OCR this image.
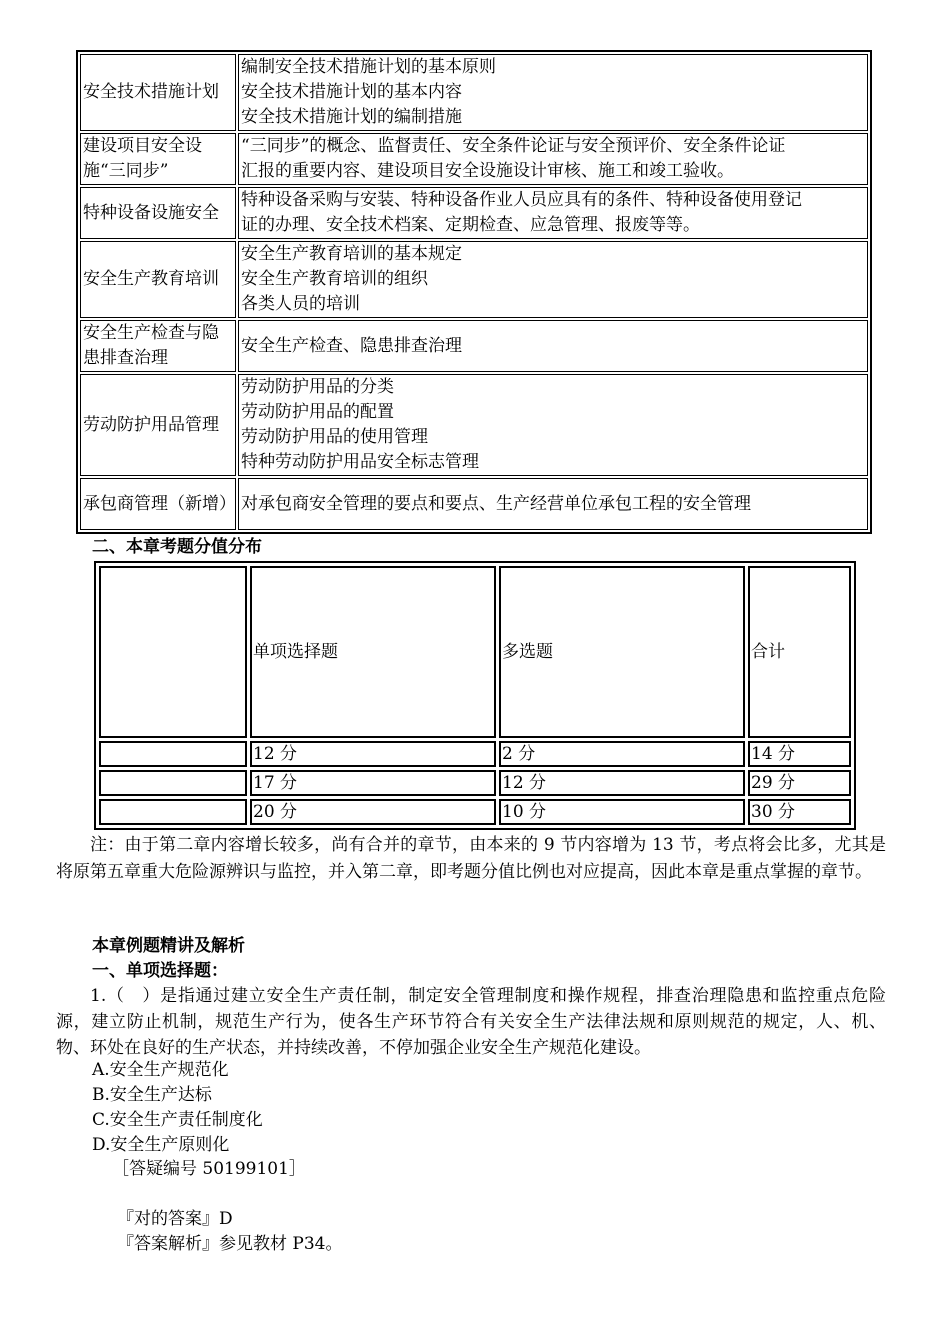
安全技术措施计划	编制安全技术措施计划的基本原则
安全技术措施计划的基本内容
安全技术措施计划的编制措施

建设项目安全设施“三同步”	“三同步”的概念、监督责任、安全条件论证与安全预评价、安全条件论证
汇报的重要内容、建设项目安全设施设计审核、施工和竣工验收。

特种设备设施安全	特种设备采购与安装、特种设备作业人员应具有的条件、特种设备使用登记
证的办理、安全技术档案、定期检查、应急管理、报废等等。

安全生产教育培训	安全生产教育培训的基本规定
安全生产教育培训的组织
各类人员的培训

安全生产检查与隐患排查治理	安全生产检查、隐患排查治理

劳动防护用品管理	劳动防护用品的分类
劳动防护用品的配置
劳动防护用品的使用管理
特种劳动防护用品安全标志管理

承包商管理（新增）	对承包商安全管理的要点和要点、生产经营单位承包工程的安全管理
二、本章考题分值分布
	单项选择题	多选题	合计
	12 分	2 分	14 分
	17 分	12 分	29 分
	20 分	10 分	30 分
注：由于第二章内容增长较多，尚有合并的章节，由本来的 9 节内容增为 13 节，考点将会比多，尤其是将原第五章重大危险源辨识与监控，并入第二章，即考题分值比例也对应提高，因此本章是重点掌握的章节。
本章例题精讲及解析
一、单项选择题：
1.（　）是指通过建立安全生产责任制，制定安全管理制度和操作规程，排查治理隐患和监控重点危险源，建立防止机制，规范生产行为，使各生产环节符合有关安全生产法律法规和原则规范的规定，人、机、物、环处在良好的生产状态，并持续改善，不停加强企业安全生产规范化建设。
A.安全生产规范化
B.安全生产达标
C.安全生产责任制度化
D.安全生产原则化
［答疑编号 50199101］
『对的答案』D
『答案解析』参见教材 P34。
